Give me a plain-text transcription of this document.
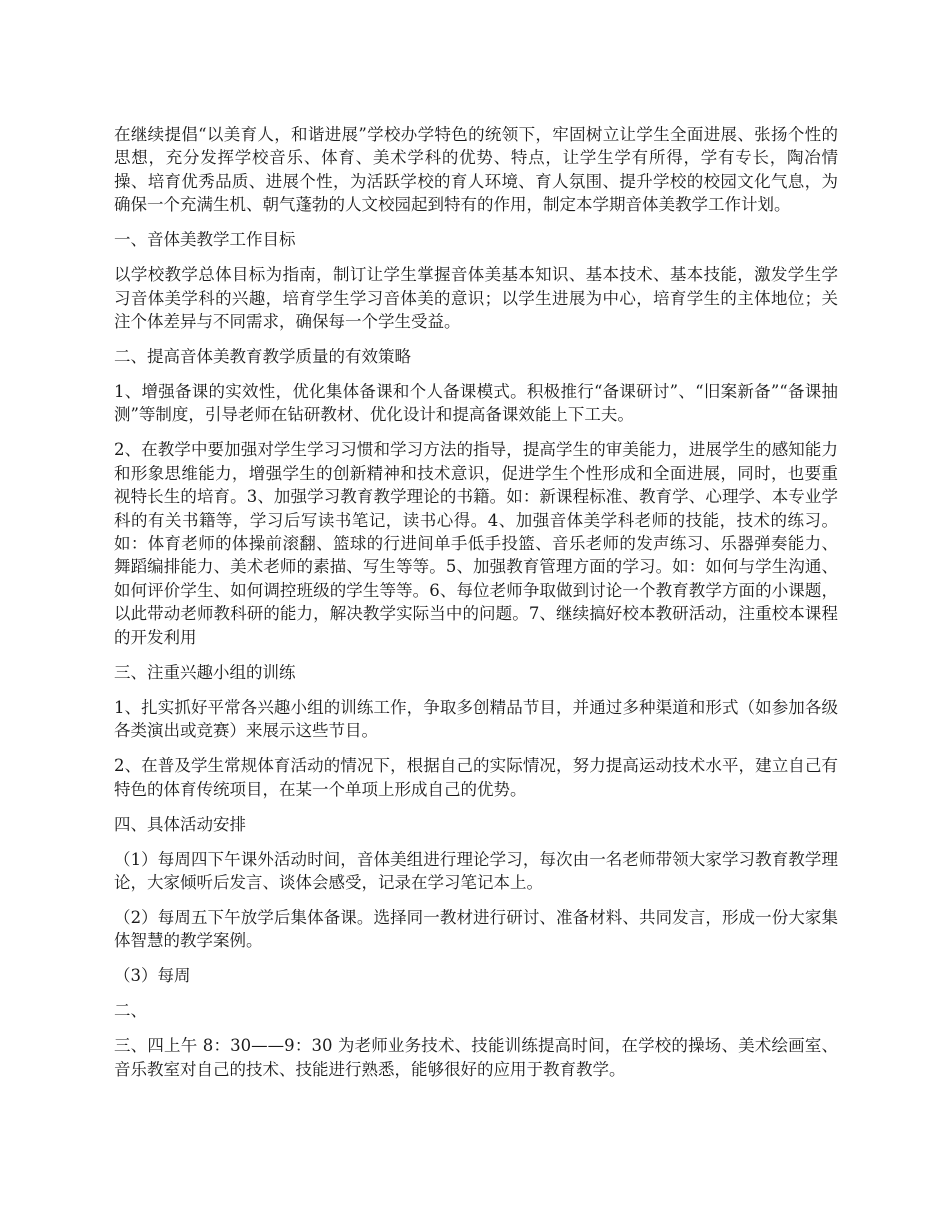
在继续提倡“以美育人，和谐进展”学校办学特色的统领下，牢固树立让学生全面进展、张扬个性的思想，充分发挥学校音乐、体育、美术学科的优势、特点，让学生学有所得，学有专长，陶冶情操、培育优秀品质、进展个性，为活跃学校的育人环境、育人氛围、提升学校的校园文化气息，为确保一个充满生机、朝气蓬勃的人文校园起到特有的作用，制定本学期音体美教学工作计划。

一、音体美教学工作目标

以学校教学总体目标为指南，制订让学生掌握音体美基本知识、基本技术、基本技能，激发学生学习音体美学科的兴趣，培育学生学习音体美的意识；以学生进展为中心，培育学生的主体地位；关注个体差异与不同需求，确保每一个学生受益。

二、提高音体美教育教学质量的有效策略

1、增强备课的实效性，优化集体备课和个人备课模式。积极推行“备课研讨”、“旧案新备”“备课抽测”等制度，引导老师在钻研教材、优化设计和提高备课效能上下工夫。

2、在教学中要加强对学生学习习惯和学习方法的指导，提高学生的审美能力，进展学生的感知能力和形象思维能力，增强学生的创新精神和技术意识，促进学生个性形成和全面进展，同时，也要重视特长生的培育。3、加强学习教育教学理论的书籍。如：新课程标准、教育学、心理学、本专业学科的有关书籍等，学习后写读书笔记，读书心得。4、加强音体美学科老师的技能，技术的练习。如：体育老师的体操前滚翻、篮球的行进间单手低手投篮、音乐老师的发声练习、乐器弹奏能力、舞蹈编排能力、美术老师的素描、写生等等。5、加强教育管理方面的学习。如：如何与学生沟通、如何评价学生、如何调控班级的学生等等。6、每位老师争取做到讨论一个教育教学方面的小课题，以此带动老师教科研的能力，解决教学实际当中的问题。7、继续搞好校本教研活动，注重校本课程的开发利用

三、注重兴趣小组的训练

1、扎实抓好平常各兴趣小组的训练工作，争取多创精品节目，并通过多种渠道和形式（如参加各级各类演出或竞赛）来展示这些节目。

2、在普及学生常规体育活动的情况下，根据自己的实际情况，努力提高运动技术水平，建立自己有特色的体育传统项目，在某一个单项上形成自己的优势。

四、具体活动安排

（1）每周四下午课外活动时间，音体美组进行理论学习，每次由一名老师带领大家学习教育教学理论，大家倾听后发言、谈体会感受，记录在学习笔记本上。

（2）每周五下午放学后集体备课。选择同一教材进行研讨、准备材料、共同发言，形成一份大家集体智慧的教学案例。

（3）每周

二、

三、四上午 8：30——9：30 为老师业务技术、技能训练提高时间，在学校的操场、美术绘画室、音乐教室对自己的技术、技能进行熟悉，能够很好的应用于教育教学。
